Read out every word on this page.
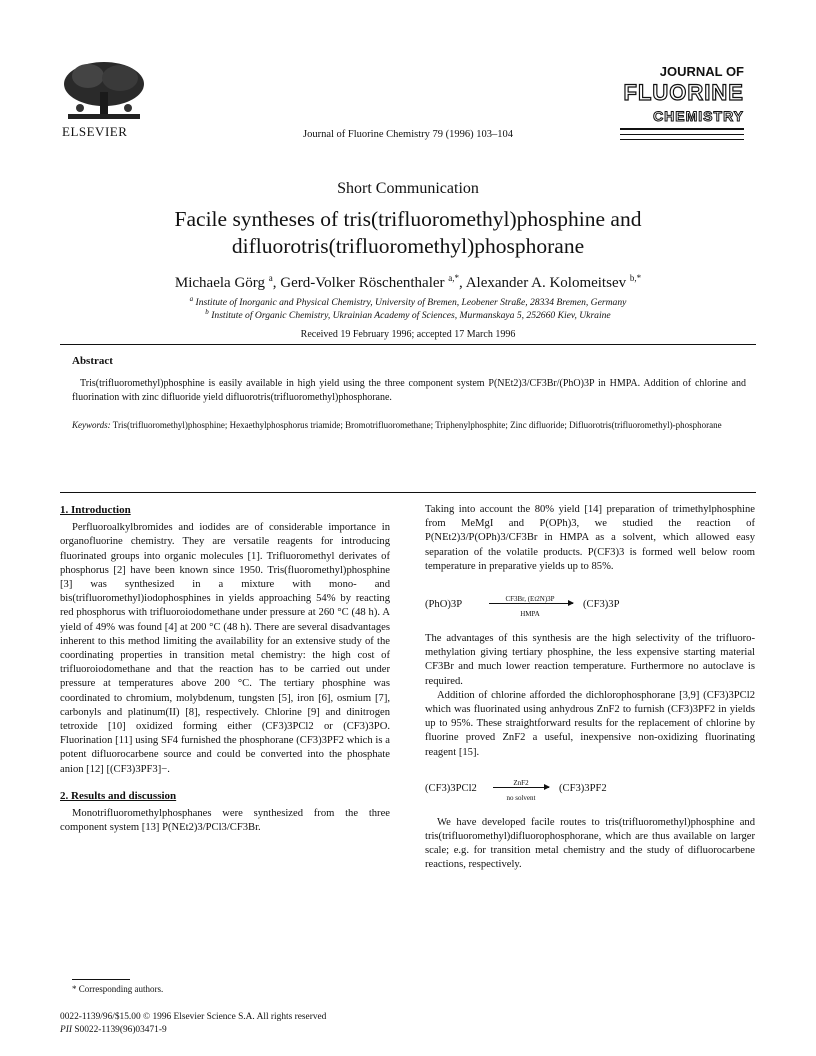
ELSEVIER	Journal of Fluorine Chemistry 79 (1996) 103–104
JOURNAL OF
FLUORINE
CHEMISTRY
Short Communication
Facile syntheses of tris(trifluoromethyl)phosphine and
difluorotris(trifluoromethyl)phosphorane
Michaela Görg $^a$, Gerd-Volker Röschenthaler $^{a,*}$, Alexander A. Kolomeitsev $^{b,*}$
$^a$ Institute of Inorganic and Physical Chemistry, University of Bremen, Leobener Straße, 28334 Bremen, Germany
$^b$ Institute of Organic Chemistry, Ukrainian Academy of Sciences, Murmanskaya 5, 252660 Kiev, Ukraine
Received 19 February 1996; accepted 17 March 1996
Abstract
Tris(trifluoromethyl)phosphine is easily available in high yield using the three component system P(NEt2)3/CF3Br/(PhO)3P in HMPA. Addition of chlorine and fluorination with zinc difluoride yield difluorotris(trifluoromethyl)phosphorane.
Keywords: Tris(trifluoromethyl)phosphine; Hexaethylphosphorus triamide; Bromotrifluoromethane; Triphenylphosphite; Zinc difluoride; Difluorotris(trifluoromethyl)-phosphorane
1. Introduction

Perfluoroalkylbromides and iodides are of considerable importance in organofluorine chemistry. They are versatile reagents for introducing fluorinated groups into organic molecules [1]. Trifluoromethyl derivates of phosphorus [2] have been known since 1950. Tris(fluoromethyl)phosphine [3] was synthesized in a mixture with mono- and bis(trifluoromethyl)iodophosphines in yields approaching 54% by reacting red phosphorus with trifluoroiodomethane under pressure at 260 °C (48 h). A yield of 49% was found [4] at 200 °C (48 h). There are several disadvantages inherent to this method limiting the availability for an extensive study of the coordinating properties in transition metal chemistry: the high cost of trifluoroiodomethane and that the reaction has to be carried out under pressure at temperatures above 200 °C. The tertiary phosphine was coordinated to chromium, molybdenum, tungsten [5], iron [6], osmium [7], carbonyls and platinum(II) [8], respectively. Chlorine [9] and dinitrogen tetroxide [10] oxidized forming either (CF3)3PCl2 or (CF3)3PO. Fluorination [11] using SF4 furnished the phosphorane (CF3)3PF2 which is a potent difluorocarbene source and could be converted into the phosphate anion [12] [(CF3)3PF3]−.

2. Results and discussion

Monotrifluoromethylphosphanes were synthesized from the three component system [13] P(NEt2)3/PCl3/CF3Br.

Taking into account the 80% yield [14] preparation of trimethylphosphine from MeMgI and P(OPh)3, we studied the reaction of P(NEt2)3/P(OPh)3/CF3Br in HMPA as a solvent, which allowed easy separation of the volatile products. P(CF3)3 is formed well below room temperature in preparative yields up to 85%.

(PhO)3P	CF3Br, (Et2N)3P
HMPA
(CF3)3P

The advantages of this synthesis are the high selectivity of the trifluoro-methylation giving tertiary phosphine, the less expensive starting material CF3Br and much lower reaction temperature. Furthermore no autoclave is required.

Addition of chlorine afforded the dichlorophosphorane [3,9] (CF3)3PCl2 which was fluorinated using anhydrous ZnF2 to furnish (CF3)3PF2 in yields up to 95%. These straightforward results for the replacement of chlorine by fluorine proved ZnF2 a useful, inexpensive non-oxidizing fluorinating reagent [15].

(CF3)3PCl2	ZnF2
no solvent
(CF3)3PF2

We have developed facile routes to tris(trifluoromethyl)phosphine and tris(trifluoromethyl)difluorophosphorane, which are thus available on larger scale; e.g. for transition metal chemistry and the study of difluorocarbene reactions, respectively.

* Corresponding authors.
0022-1139/96/$15.00 © 1996 Elsevier Science S.A. All rights reserved
PII S0022-1139(96)03471-9
